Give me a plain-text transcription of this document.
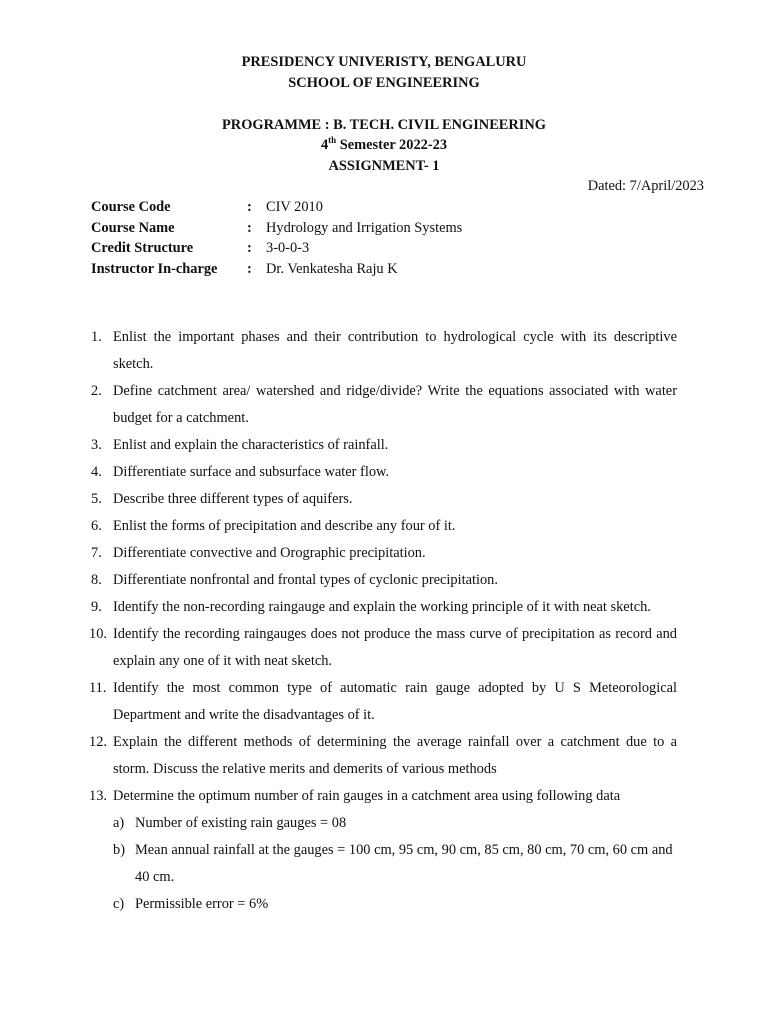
PRESIDENCY UNIVERISTY, BENGALURU
SCHOOL OF ENGINEERING
PROGRAMME : B. TECH. CIVIL ENGINEERING
4th Semester 2022-23
ASSIGNMENT- 1
Dated: 7/April/2023
Course Code	: CIV 2010
Course Name	: Hydrology and Irrigation Systems
Credit Structure	: 3-0-0-3
Instructor In-charge : Dr. Venkatesha Raju K
1. Enlist the important phases and their contribution to hydrological cycle with its descriptive sketch.
2. Define catchment area/ watershed and ridge/divide? Write the equations associated with water budget for a catchment.
3. Enlist and explain the characteristics of rainfall.
4. Differentiate surface and subsurface water flow.
5. Describe three different types of aquifers.
6. Enlist the forms of precipitation and describe any four of it.
7. Differentiate convective and Orographic precipitation.
8. Differentiate nonfrontal and frontal types of cyclonic precipitation.
9. Identify the non-recording raingauge and explain the working principle of it with neat sketch.
10. Identify the recording raingauges does not produce the mass curve of precipitation as record and explain any one of it with neat sketch.
11. Identify the most common type of automatic rain gauge adopted by U S Meteorological Department and write the disadvantages of it.
12. Explain the different methods of determining the average rainfall over a catchment due to a storm. Discuss the relative merits and demerits of various methods
13. Determine the optimum number of rain gauges in a catchment area using following data
a) Number of existing rain gauges = 08
b) Mean annual rainfall at the gauges = 100 cm, 95 cm, 90 cm, 85 cm, 80 cm, 70 cm, 60 cm and 40 cm.
c) Permissible error = 6%
